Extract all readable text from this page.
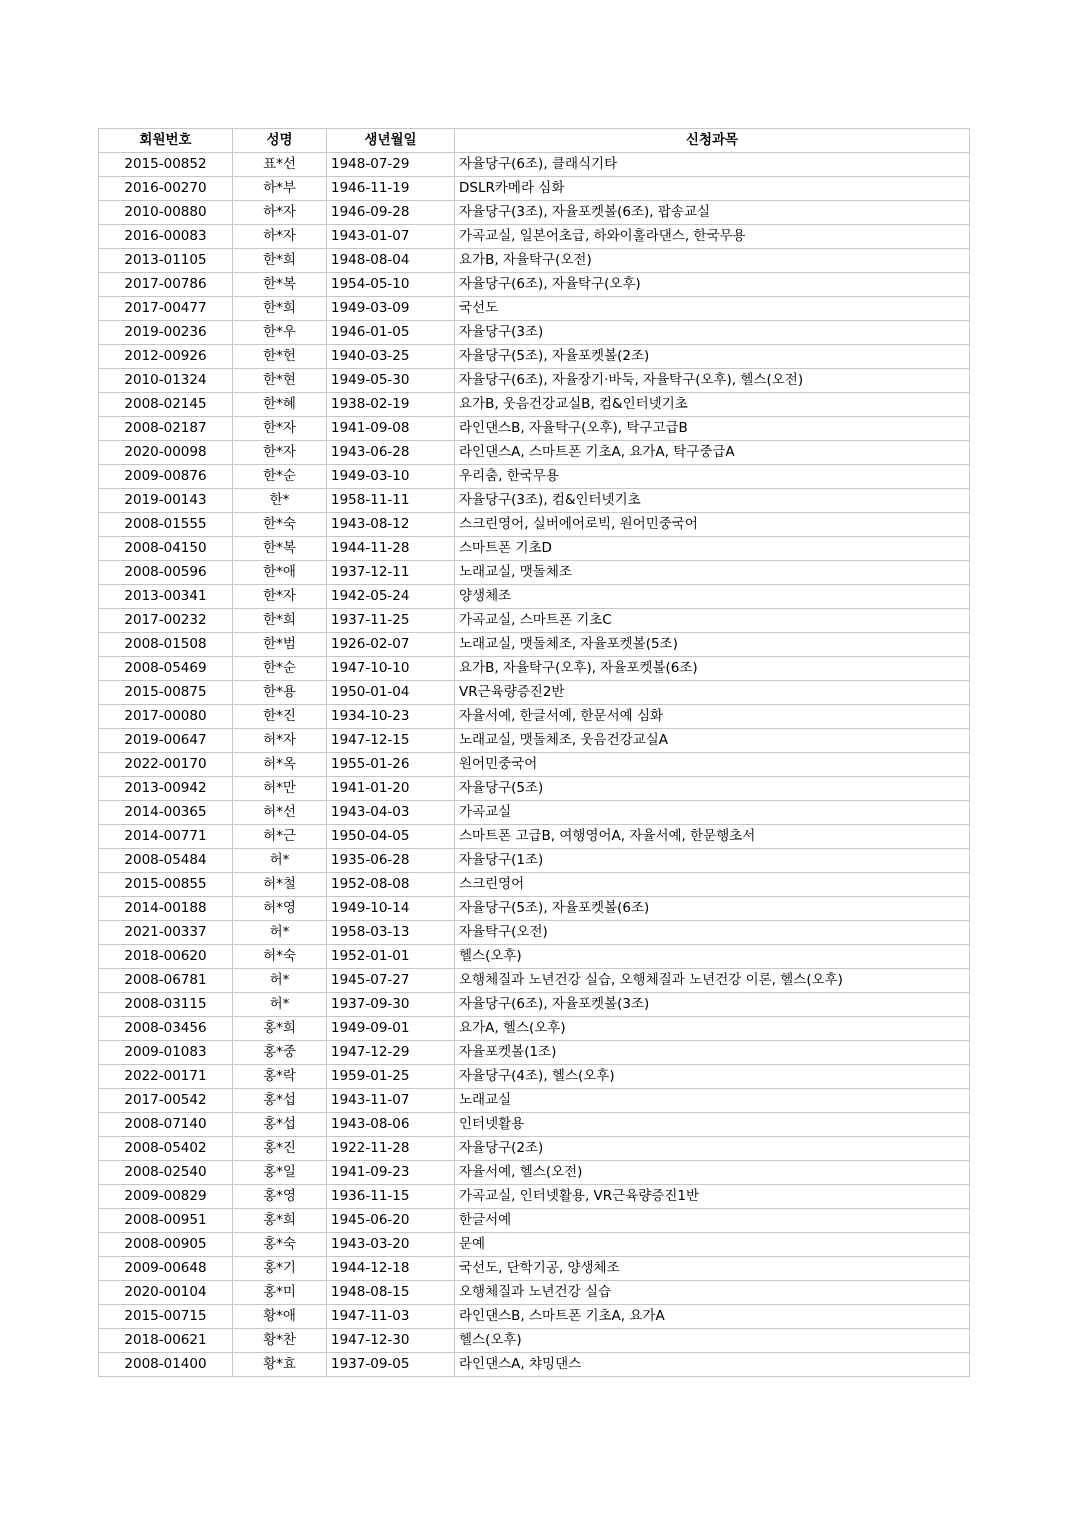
회원번호	성명	생년월일	신청과목
2015-00852	표*선	1948-07-29	자율당구(6조), 클래식기타
2016-00270	하*부	1946-11-19	DSLR카메라 심화
2010-00880	하*자	1946-09-28	자율당구(3조), 자율포켓볼(6조), 팝송교실
2016-00083	하*자	1943-01-07	가곡교실, 일본어초급, 하와이훌라댄스, 한국무용
2013-01105	한*희	1948-08-04	요가B, 자율탁구(오전)
2017-00786	한*복	1954-05-10	자율당구(6조), 자율탁구(오후)
2017-00477	한*희	1949-03-09	국선도
2019-00236	한*우	1946-01-05	자율당구(3조)
2012-00926	한*헌	1940-03-25	자율당구(5조), 자율포켓볼(2조)
2010-01324	한*현	1949-05-30	자율당구(6조), 자율장기·바둑, 자율탁구(오후), 헬스(오전)
2008-02145	한*혜	1938-02-19	요가B, 웃음건강교실B, 컴&인터넷기초
2008-02187	한*자	1941-09-08	라인댄스B, 자율탁구(오후), 탁구고급B
2020-00098	한*자	1943-06-28	라인댄스A, 스마트폰 기초A, 요가A, 탁구중급A
2009-00876	한*순	1949-03-10	우리춤, 한국무용
2019-00143	한*	1958-11-11	자율당구(3조), 컴&인터넷기초
2008-01555	한*숙	1943-08-12	스크린영어, 실버에어로빅, 원어민중국어
2008-04150	한*복	1944-11-28	스마트폰 기초D
2008-00596	한*애	1937-12-11	노래교실, 맷돌체조
2013-00341	한*자	1942-05-24	양생체조
2017-00232	한*희	1937-11-25	가곡교실, 스마트폰 기초C
2008-01508	한*범	1926-02-07	노래교실, 맷돌체조, 자율포켓볼(5조)
2008-05469	한*순	1947-10-10	요가B, 자율탁구(오후), 자율포켓볼(6조)
2015-00875	한*용	1950-01-04	VR근육량증진2반
2017-00080	한*진	1934-10-23	자율서예, 한글서예, 한문서예 심화
2019-00647	허*자	1947-12-15	노래교실, 맷돌체조, 웃음건강교실A
2022-00170	허*옥	1955-01-26	원어민중국어
2013-00942	허*만	1941-01-20	자율당구(5조)
2014-00365	허*선	1943-04-03	가곡교실
2014-00771	허*근	1950-04-05	스마트폰 고급B, 여행영어A, 자율서예, 한문행초서
2008-05484	허*	1935-06-28	자율당구(1조)
2015-00855	허*철	1952-08-08	스크린영어
2014-00188	허*영	1949-10-14	자율당구(5조), 자율포켓볼(6조)
2021-00337	허*	1958-03-13	자율탁구(오전)
2018-00620	허*숙	1952-01-01	헬스(오후)
2008-06781	허*	1945-07-27	오행체질과 노년건강 실습, 오행체질과 노년건강 이론, 헬스(오후)
2008-03115	허*	1937-09-30	자율당구(6조), 자율포켓볼(3조)
2008-03456	홍*희	1949-09-01	요가A, 헬스(오후)
2009-01083	홍*중	1947-12-29	자율포켓볼(1조)
2022-00171	홍*락	1959-01-25	자율당구(4조), 헬스(오후)
2017-00542	홍*섭	1943-11-07	노래교실
2008-07140	홍*섭	1943-08-06	인터넷활용
2008-05402	홍*진	1922-11-28	자율당구(2조)
2008-02540	홍*일	1941-09-23	자율서예, 헬스(오전)
2009-00829	홍*영	1936-11-15	가곡교실, 인터넷활용, VR근육량증진1반
2008-00951	홍*희	1945-06-20	한글서예
2008-00905	홍*숙	1943-03-20	문예
2009-00648	홍*기	1944-12-18	국선도, 단학기공, 양생체조
2020-00104	홍*미	1948-08-15	오행체질과 노년건강 실습
2015-00715	황*애	1947-11-03	라인댄스B, 스마트폰 기초A, 요가A
2018-00621	황*찬	1947-12-30	헬스(오후)
2008-01400	황*효	1937-09-05	라인댄스A, 챠밍댄스
